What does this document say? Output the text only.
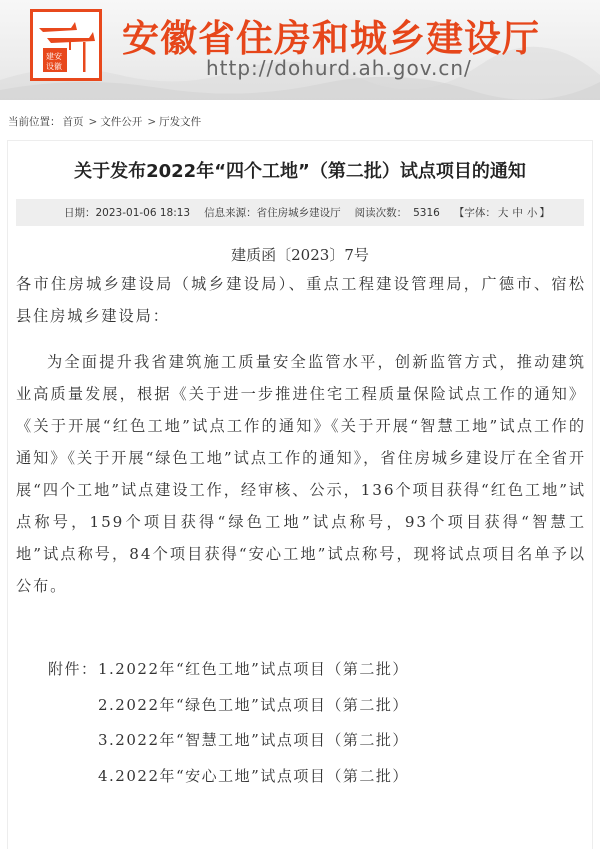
建安
设徽
安徽省住房和城乡建设厅
http://dohurd.ah.gov.cn/
当前位置： 首页 > 文件公开 > 厅发文件
关于发布2022年“四个工地”（第二批）试点项目的通知
日期：2023-01-06 18:13 信息来源：省住房城乡建设厅 阅读次数： 5316 【字体： 大 中 小 】
建质函〔2023〕7号

各市住房城乡建设局（城乡建设局）、重点工程建设管理局，广德市、宿松县住房城乡建设局：

为全面提升我省建筑施工质量安全监管水平，创新监管方式，推动建筑业高质量发展，根据《关于进一步推进住宅工程质量保险试点工作的通知》《关于开展“红色工地”试点工作的通知》《关于开展“智慧工地”试点工作的通知》《关于开展“绿色工地”试点工作的通知》，省住房城乡建设厅在全省开展“四个工地”试点建设工作，经审核、公示，136个项目获得“红色工地”试点称号，159个项目获得“绿色工地”试点称号，93个项目获得“智慧工地”试点称号，84个项目获得“安心工地”试点称号，现将试点项目名单予以公布。

附件： 1.2022年“红色工地”试点项目（第二批）
2.2022年“绿色工地”试点项目（第二批）
3.2022年“智慧工地”试点项目（第二批）
4.2022年“安心工地”试点项目（第二批）
